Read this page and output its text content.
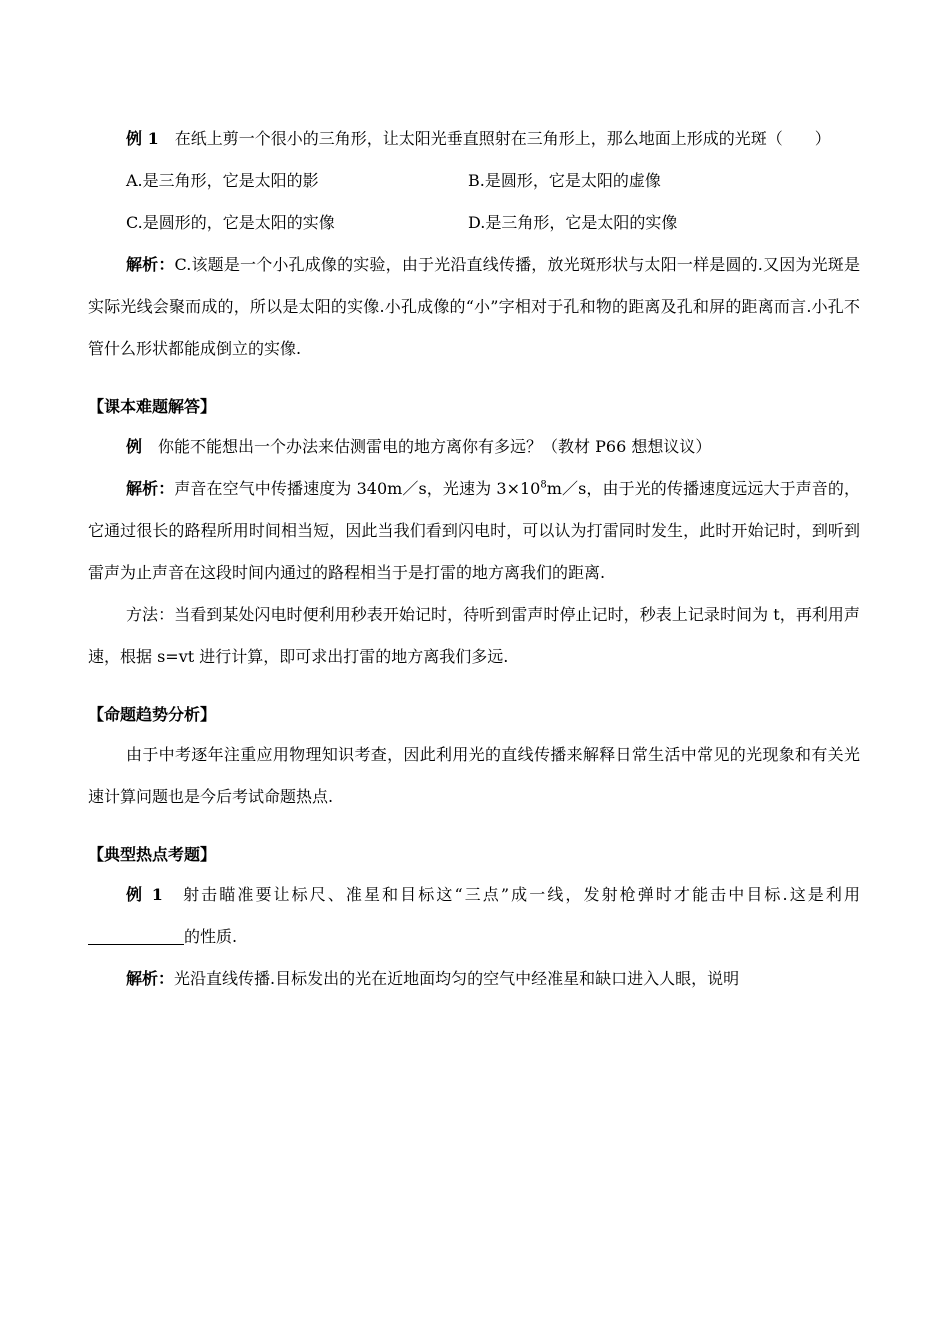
例 1　 在纸上剪一个很小的三角形，让太阳光垂直照射在三角形上，那么地面上形成的光斑（　　）

A.是三角形，它是太阳的影	B.是圆形，它是太阳的虚像
C.是圆形的，它是太阳的实像	D.是三角形，它是太阳的实像

解析：C.该题是一个小孔成像的实验，由于光沿直线传播，放光斑形状与太阳一样是圆的.又因为光斑是实际光线会聚而成的，所以是太阳的实像.小孔成像的“小”字相对于孔和物的距离及孔和屏的距离而言.小孔不管什么形状都能成倒立的实像.

【课本难题解答】

例　 你能不能想出一个办法来估测雷电的地方离你有多远？（教材 P66 想想议议）

解析：声音在空气中传播速度为 340m／s，光速为 $3\times 10^8m/s$，由于光的传播速度远远大于声音的，它通过很长的路程所用时间相当短，因此当我们看到闪电时，可以认为打雷同时发生，此时开始记时，到听到雷声为止声音在这段时间内通过的路程相当于是打雷的地方离我们的距离.

方法：当看到某处闪电时便利用秒表开始记时，待听到雷声时停止记时，秒表上记录时间为 t，再利用声速，根据 s=vt 进行计算，即可求出打雷的地方离我们多远.

【命题趋势分析】

由于中考逐年注重应用物理知识考查，因此利用光的直线传播来解释日常生活中常见的光现象和有关光速计算问题也是今后考试命题热点.

【典型热点考题】

例 1　 射击瞄准要让标尺、准星和目标这“三点”成一线，发射枪弹时才能击中目标.这是利用的性质.

解析：光沿直线传播.目标发出的光在近地面均匀的空气中经准星和缺口进入人眼，说明
